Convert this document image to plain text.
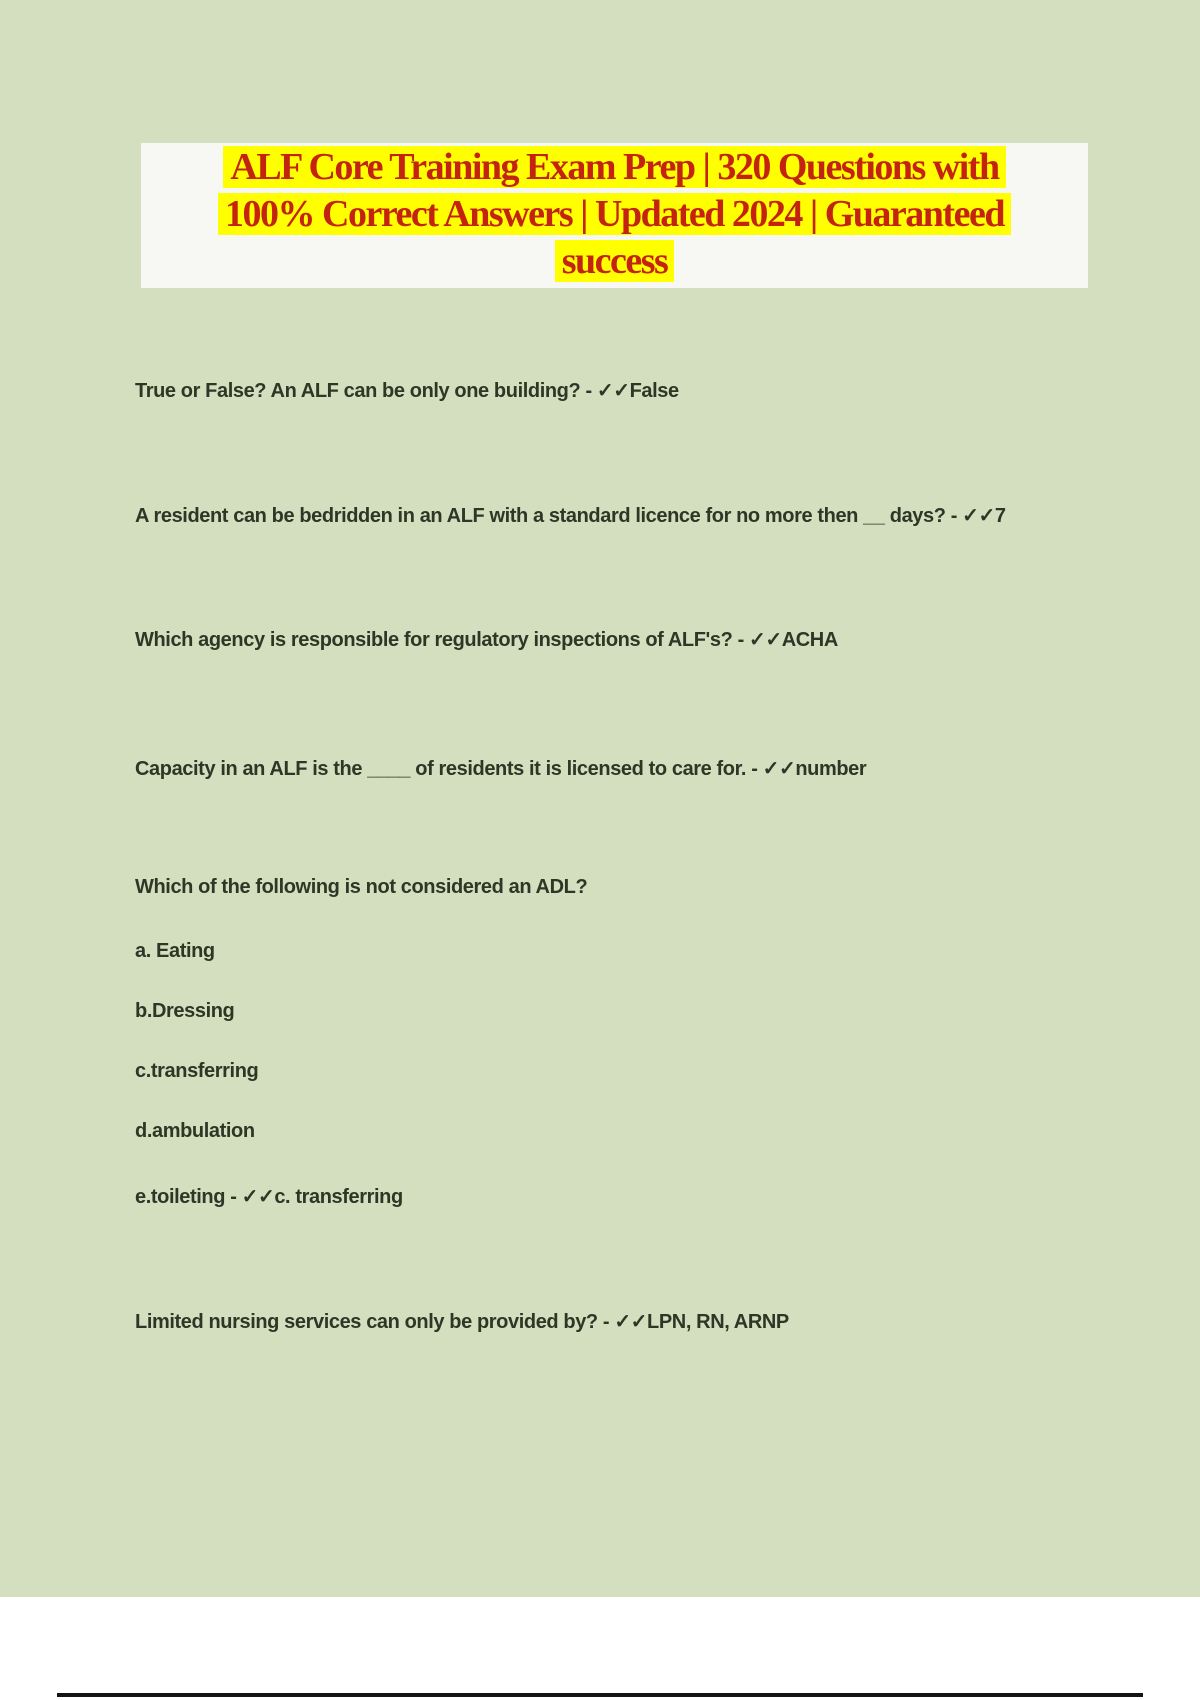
ALF Core Training Exam Prep | 320 Questions with
100% Correct Answers | Updated 2024 | Guaranteed
success
True or False? An ALF can be only one building? - ✓✓False
A resident can be bedridden in an ALF with a standard licence for no more then __ days? - ✓✓7
Which agency is responsible for regulatory inspections of ALF's? - ✓✓ACHA
Capacity in an ALF is the ____ of residents it is licensed to care for. - ✓✓number
Which of the following is not considered an ADL?
a. Eating
b.Dressing
c.transferring
d.ambulation
e.toileting - ✓✓c. transferring
Limited nursing services can only be provided by? - ✓✓LPN, RN, ARNP
